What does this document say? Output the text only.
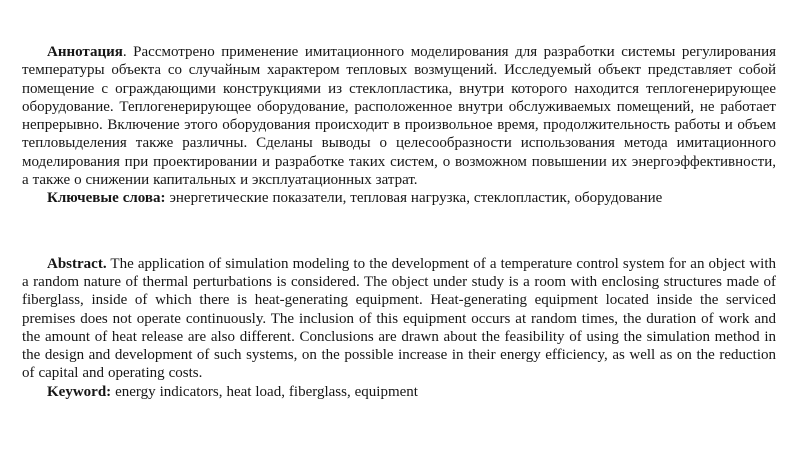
Аннотация. Рассмотрено применение имитационного моделирования для разработки системы регулирования температуры объекта со случайным характером тепловых возмущений. Исследуемый объект представляет собой помещение с ограждающими конструкциями из стеклопластика, внутри которого находится теплогенерирующее оборудование. Теплогенерирующее оборудование, расположенное внутри обслуживаемых помещений, не работает непрерывно. Включение этого оборудования происходит в произвольное время, продолжительность работы и объем тепловыделения также различны. Сделаны выводы о целесообразности использования метода имитационного моделирования при проектировании и разработке таких систем, о возможном повышении их энергоэффективности, а также о снижении капитальных и эксплуатационных затрат.

Ключевые слова: энергетические показатели, тепловая нагрузка, стеклопластик, оборудование

Abstract. The application of simulation modeling to the development of a temperature control system for an object with a random nature of thermal perturbations is considered. The object under study is a room with enclosing structures made of fiberglass, inside of which there is heat-generating equipment. Heat-generating equipment located inside the serviced premises does not operate continuously. The inclusion of this equipment occurs at random times, the duration of work and the amount of heat release are also different. Conclusions are drawn about the feasibility of using the simulation method in the design and development of such systems, on the possible increase in their energy efficiency, as well as on the reduction of capital and operating costs.

Keyword: energy indicators, heat load, fiberglass, equipment
